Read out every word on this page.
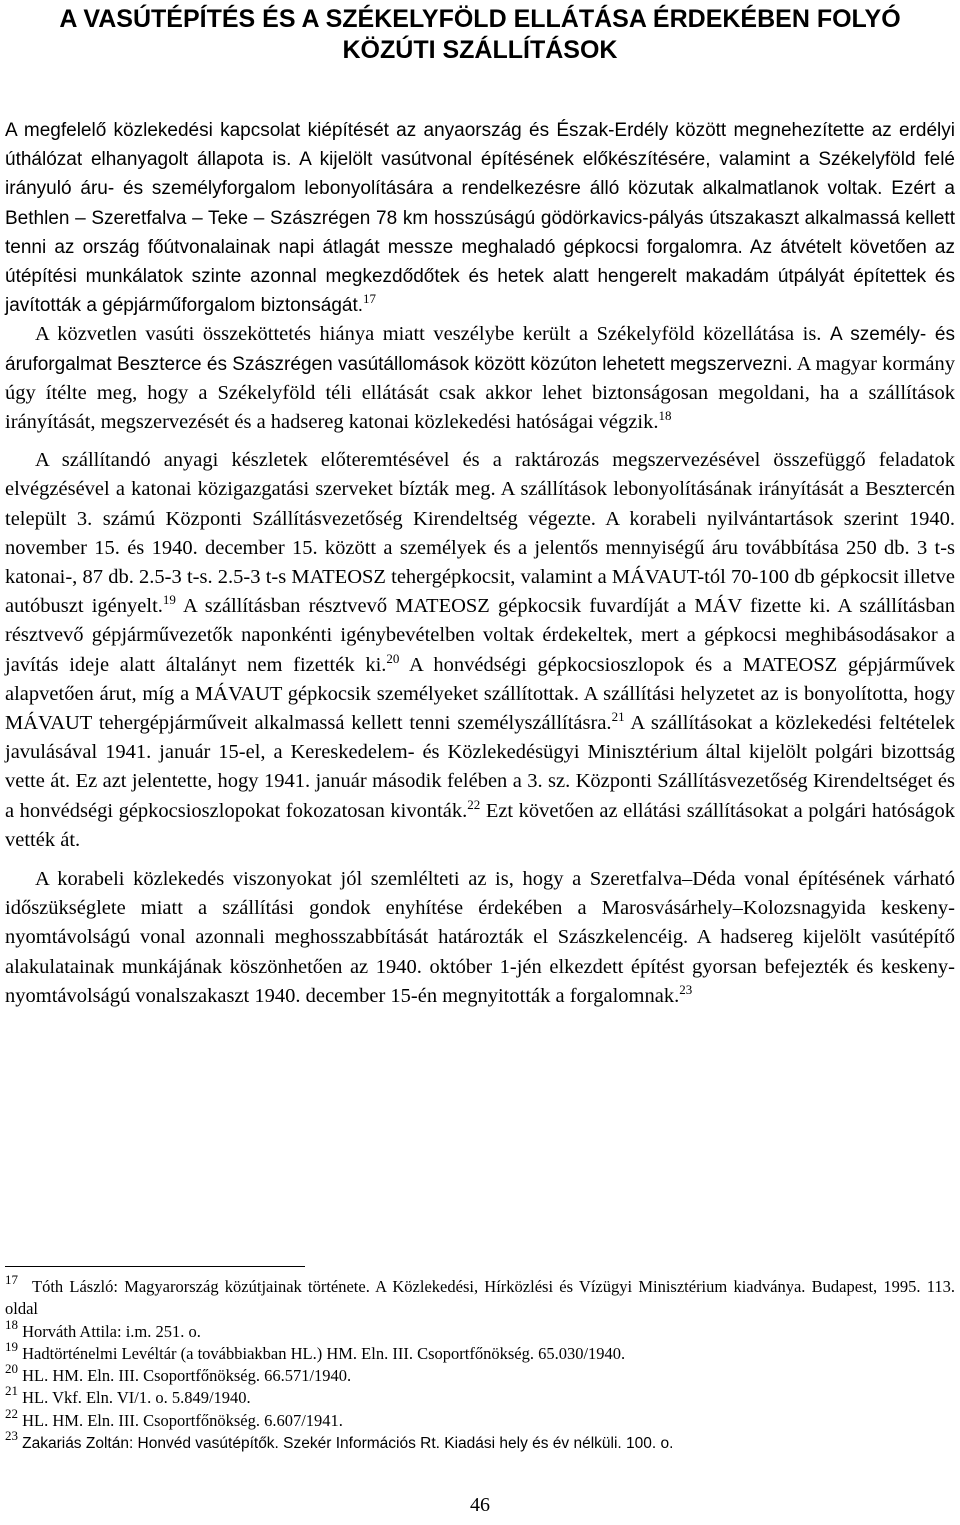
A VASÚTÉPÍTÉS ÉS A SZÉKELYFÖLD ELLÁTÁSA ÉRDEKÉBEN FOLYÓ
KÖZÚTI SZÁLLÍTÁSOK

A megfelelő közlekedési kapcsolat kiépítését az anyaország és Észak-Erdély között megnehezítette az erdélyi úthálózat elhanyagolt állapota is. A kijelölt vasútvonal építésének előkészítésére, valamint a Székelyföld felé irányuló áru- és személyforgalom lebonyolítására a rendelkezésre álló közutak alkalmatlanok voltak. Ezért a Bethlen – Szeretfalva – Teke – Szászrégen 78 km hosszúságú gödörkavics-pályás útszakaszt alkalmassá kellett tenni az ország főútvonalainak napi átlagát messze meghaladó gépkocsi forgalomra. Az átvételt követően az útépítési munkálatok szinte azonnal megkezdődőtek és hetek alatt hengerelt makadám útpályát építettek és javították a gépjárműforgalom biztonságát.$^{17}$

A közvetlen vasúti összeköttetés hiánya miatt veszélybe került a Székelyföld közellátása is. A személy- és áruforgalmat Beszterce és Szászrégen vasútállomások között közúton lehetett megszervezni. A magyar kormány úgy ítélte meg, hogy a Székelyföld téli ellátását csak akkor lehet biztonságosan megoldani, ha a szállítások irányítását, megszervezését és a hadsereg katonai közlekedési hatóságai végzik.$^{18}$

A szállítandó anyagi készletek előteremtésével és a raktározás megszervezésével összefüggő feladatok elvégzésével a katonai közigazgatási szerveket bízták meg. A szállítások lebonyolításának irányítását a Besztercén települt 3. számú Központi Szállításvezetőség Kirendeltség végezte. A korabeli nyilvántartások szerint 1940. november 15. és 1940. december 15. között a személyek és a jelentős mennyiségű áru továbbítása 250 db. 3 t-s katonai-, 87 db. 2.5-3 t-s. 2.5-3 t-s MATEOSZ tehergépkocsit, valamint a MÁVAUT-tól 70-100 db gépkocsit illetve autóbuszt igényelt.$^{19}$ A szállításban résztvevő MATEOSZ gépkocsik fuvardíját a MÁV fizette ki. A szállításban résztvevő gépjárművezetők naponkénti igénybevételben voltak érdekeltek, mert a gépkocsi meghibásodásakor a javítás ideje alatt általányt nem fizették ki.$^{20}$ A honvédségi gépkocsioszlopok és a MATEOSZ gépjárművek alapvetően árut, míg a MÁVAUT gépkocsik személyeket szállítottak. A szállítási helyzetet az is bonyolította, hogy MÁVAUT tehergépjárműveit alkalmassá kellett tenni személyszállításra.$^{21}$ A szállításokat a közlekedési feltételek javulásával 1941. január 15-el, a Kereskedelem- és Közlekedésügyi Minisztérium által kijelölt polgári bizottság vette át. Ez azt jelentette, hogy 1941. január második felében a 3. sz. Központi Szállításvezetőség Kirendeltséget és a honvédségi gépkocsioszlopokat fokozatosan kivonták.$^{22}$ Ezt követően az ellátási szállításokat a polgári hatóságok vették át.

A korabeli közlekedés viszonyokat jól szemlélteti az is, hogy a Szeretfalva–Déda vonal építésének várható időszükséglete miatt a szállítási gondok enyhítése érdekében a Marosvásárhely–Kolozsnagyida keskeny-nyomtávolságú vonal azonnali meghosszabbítását határozták el Szászkelencéig. A hadsereg kijelölt vasútépítő alakulatainak munkájának köszönhetően az 1940. október 1-jén elkezdett építést gyorsan befejezték és keskeny-nyomtávolságú vonalszakaszt 1940. december 15-én megnyitották a forgalomnak.$^{23}$

$^{17}$ Tóth László: Magyarország közútjainak története. A Közlekedési, Hírközlési és Vízügyi Minisztérium kiadványa. Budapest, 1995. 113. oldal

$^{18}$ Horváth Attila: i.m. 251. o.

$^{19}$ Hadtörténelmi Levéltár (a továbbiakban HL.) HM. Eln. III. Csoportfőnökség. 65.030/1940.

$^{20}$ HL. HM. Eln. III. Csoportfőnökség. 66.571/1940.

$^{21}$ HL. Vkf. Eln. VI/1. o. 5.849/1940.

$^{22}$ HL. HM. Eln. III. Csoportfőnökség. 6.607/1941.

$^{23}$ Zakariás Zoltán: Honvéd vasútépítők. Szekér Információs Rt. Kiadási hely és év nélküli. 100. o.

46
